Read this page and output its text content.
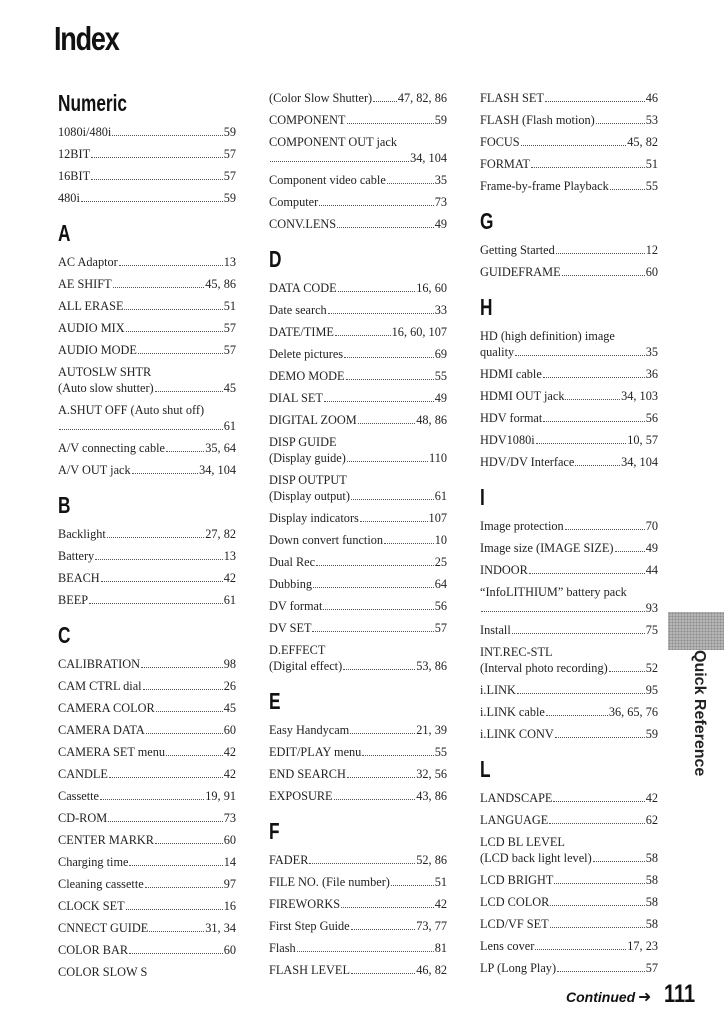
Index
Numeric
1080i/480i	59
12BIT	57
16BIT	57
480i	59
A
AC Adaptor	13
AE SHIFT	45, 86
ALL ERASE	51
AUDIO MIX	57
AUDIO MODE	57
AUTOSLW SHTR
(Auto slow shutter)	45
A.SHUT OFF (Auto shut off)
61
A/V connecting cable	35, 64
A/V OUT jack	34, 104
B
Backlight	27, 82
Battery	13
BEACH	42
BEEP	61
C
CALIBRATION	98
CAM CTRL dial	26
CAMERA COLOR	45
CAMERA DATA	60
CAMERA SET menu	42
CANDLE	42
Cassette	19, 91
CD-ROM	73
CENTER MARKR	60
Charging time	14
Cleaning cassette	97
CLOCK SET	16
CNNECT GUIDE	31, 34
COLOR BAR	60
COLOR SLOW S
(Color Slow Shutter) 47, 82, 86
COMPONENT	59
COMPONENT OUT jack
34, 104
Component video cable	35
Computer	73
CONV.LENS	49
D
DATA CODE	16, 60
Date search	33
DATE/TIME	16, 60, 107
Delete pictures	69
DEMO MODE	55
DIAL SET	49
DIGITAL ZOOM	48, 86
DISP GUIDE
(Display guide)	110
DISP OUTPUT
(Display output)	61
Display indicators	107
Down convert function	10
Dual Rec	25
Dubbing	64
DV format	56
DV SET	57
D.EFFECT
(Digital effect)	53, 86
E
Easy Handycam	21, 39
EDIT/PLAY menu	55
END SEARCH	32, 56
EXPOSURE	43, 86
F
FADER	52, 86
FILE NO. (File number)	51
FIREWORKS	42
First Step Guide	73, 77
Flash	81
FLASH LEVEL	46, 82
FLASH SET	46
FLASH (Flash motion)	53
FOCUS	45, 82
FORMAT	51
Frame-by-frame Playback	55
G
Getting Started	12
GUIDEFRAME	60
H
HD (high definition) image
quality	35
HDMI cable	36
HDMI OUT jack	34, 103
HDV format	56
HDV1080i	10, 57
HDV/DV Interface	34, 104
I
Image protection	70
Image size (IMAGE SIZE)	49
INDOOR	44
“InfoLITHIUM” battery pack
93
Install	75
INT.REC-STL
(Interval photo recording)	52
i.LINK	95
i.LINK cable	36, 65, 76
i.LINK CONV	59
L
LANDSCAPE	42
LANGUAGE	62
LCD BL LEVEL
(LCD back light level)	58
LCD BRIGHT	58
LCD COLOR	58
LCD/VF SET	58
Lens cover	17, 23
LP (Long Play)	57
Quick Reference
Continued ➜ 111
